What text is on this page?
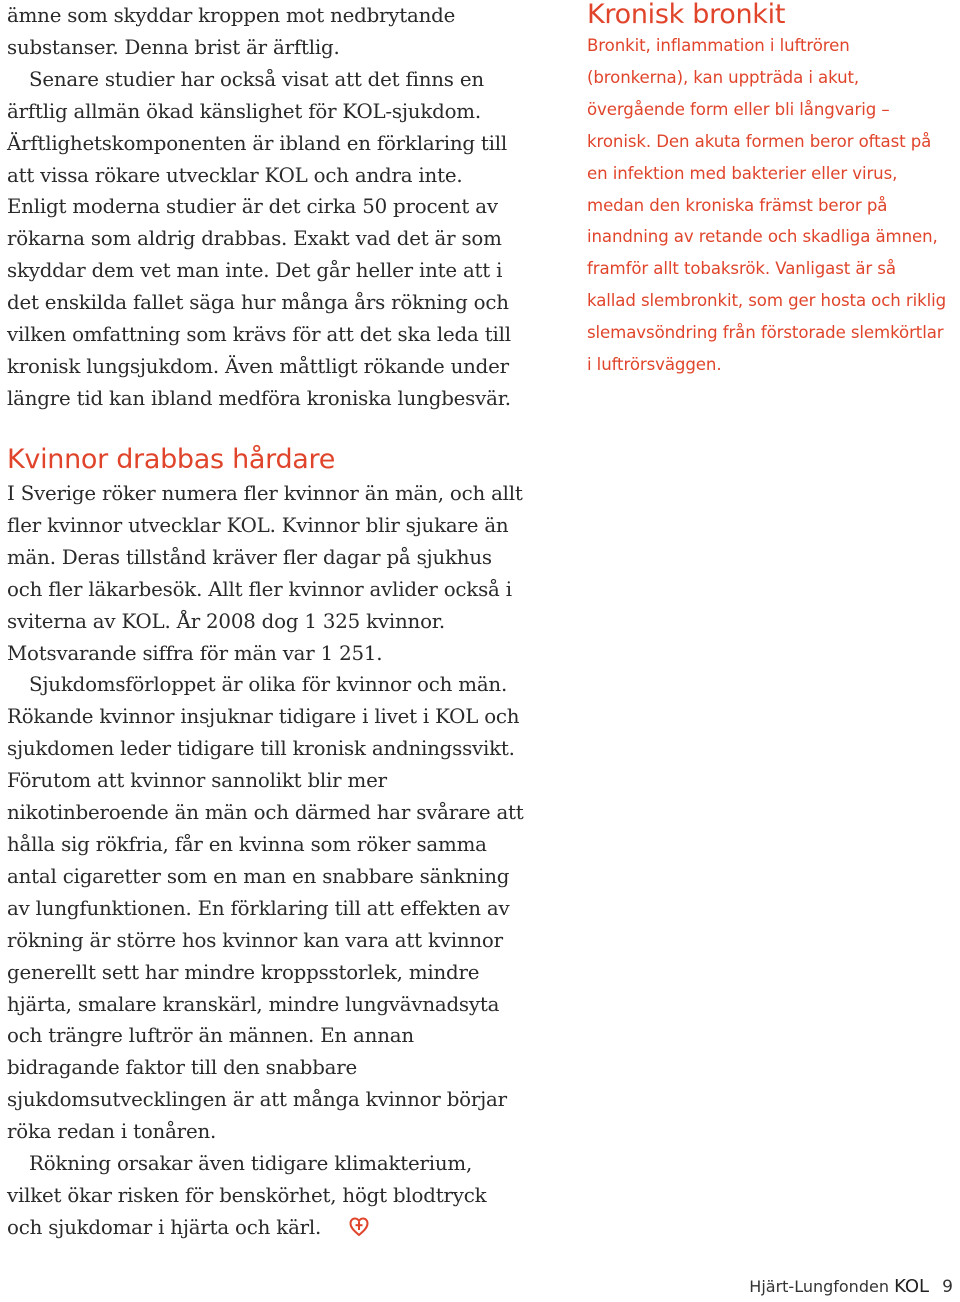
ämne som skyddar kroppen mot nedbrytande substanser. Denna brist är ärftlig.

Senare studier har också visat att det finns en ärftlig allmän ökad känslighet för KOL-sjukdom. Ärftlighetskomponenten är ibland en förklaring till att vissa rökare utvecklar KOL och andra inte. Enligt moderna studier är det cirka 50 procent av rökarna som aldrig drabbas. Exakt vad det är som skyddar dem vet man inte. Det går heller inte att i det enskilda fallet säga hur många års rökning och vilken omfattning som krävs för att det ska leda till kronisk lungsjukdom. Även måttligt rökande under längre tid kan ibland medföra kroniska lungbesvär.

Kvinnor drabbas hårdare

I Sverige röker numera fler kvinnor än män, och allt fler kvinnor utvecklar KOL. Kvinnor blir sjukare än män. Deras tillstånd kräver fler dagar på sjukhus och fler läkarbesök. Allt fler kvinnor avlider också i sviterna av KOL. År 2008 dog 1 325 kvinnor. Motsvarande siffra för män var 1 251.

Sjukdomsförloppet är olika för kvinnor och män. Rökande kvinnor insjuknar tidigare i livet i KOL och sjukdomen leder tidigare till kronisk andningssvikt. Förutom att kvinnor sannolikt blir mer nikotinberoende än män och därmed har svårare att hålla sig rökfria, får en kvinna som röker samma antal cigaretter som en man en snabbare sänkning av lungfunktionen. En förklaring till att effekten av rökning är större hos kvinnor kan vara att kvinnor generellt sett har mindre kroppsstorlek, mindre hjärta, smalare kranskärl, mindre lungvävnadsyta och trängre luftrör än männen. En annan bidragande faktor till den snabbare sjukdomsutvecklingen är att många kvinnor börjar röka redan i tonåren.

Rökning orsakar även tidigare klimakterium, vilket ökar risken för benskörhet, högt blodtryck och sjukdomar i hjärta och kärl.

Kronisk bronkit

Bronkit, inflammation i luftrören (bronkerna), kan uppträda i akut, övergående form eller bli långvarig – kronisk. Den akuta formen beror oftast på en infektion med bakterier eller virus, medan den kroniska främst beror på inandning av retande och skadliga ämnen, framför allt tobaksrök. Vanligast är så kallad slembronkit, som ger hosta och riklig slemavsöndring från förstorade slemkörtlar i luftrörsväggen.

Hjärt-Lungfonden KOL 9
